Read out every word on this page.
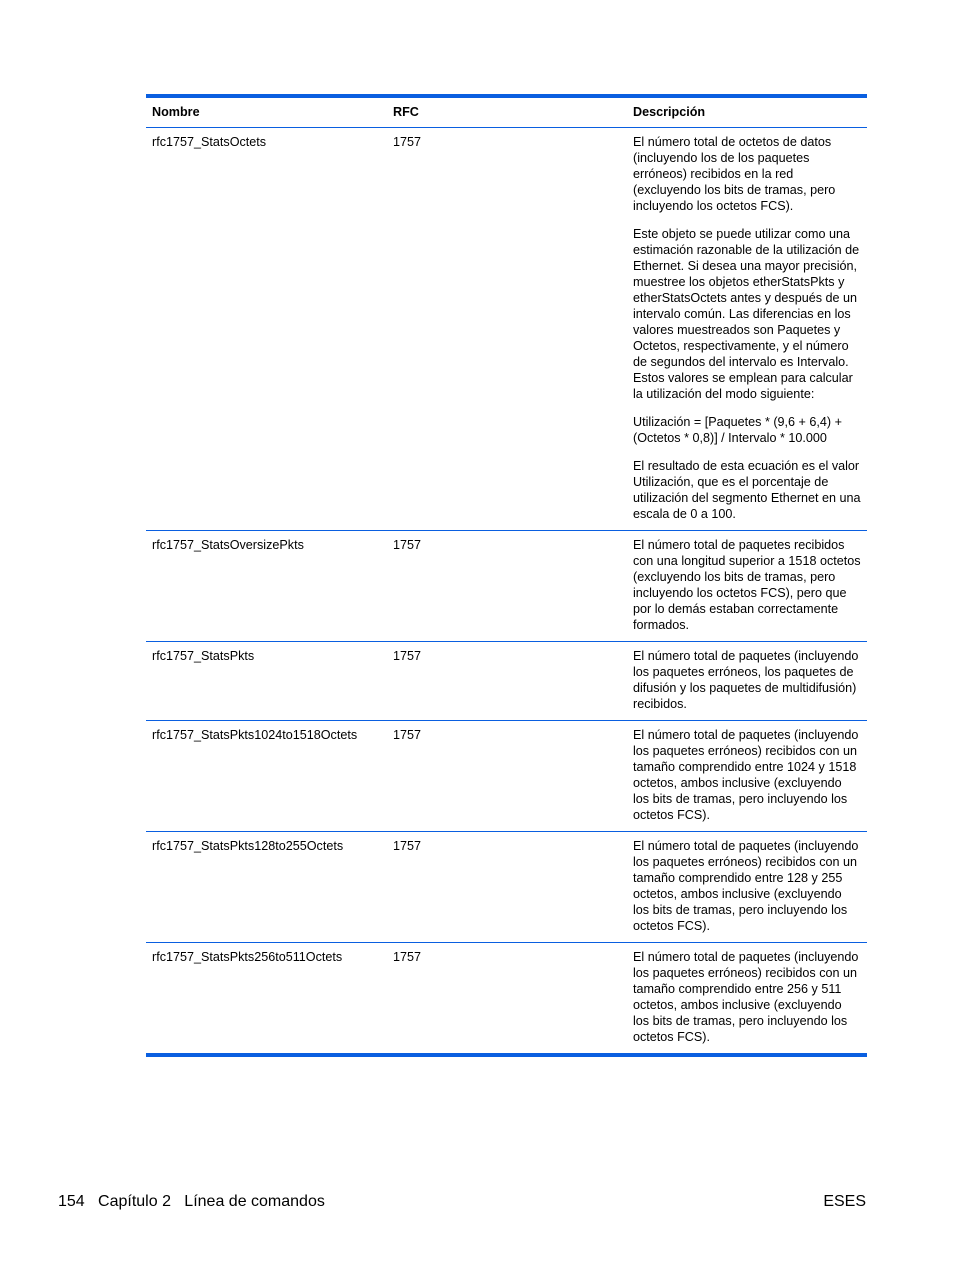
Nombre	RFC	Descripción
rfc1757_StatsOctets	1757	El número total de octetos de datos (incluyendo los de los paquetes erróneos) recibidos en la red (excluyendo los bits de tramas, pero incluyendo los octetos FCS).

Este objeto se puede utilizar como una estimación razonable de la utilización de Ethernet. Si desea una mayor precisión, muestree los objetos etherStatsPkts y etherStatsOctets antes y después de un intervalo común. Las diferencias en los valores muestreados son Paquetes y Octetos, respectivamente, y el número de segundos del intervalo es Intervalo. Estos valores se emplean para calcular la utilización del modo siguiente:

Utilización = [Paquetes * (9,6 + 6,4) + (Octetos * 0,8)] / Intervalo * 10.000

El resultado de esta ecuación es el valor Utilización, que es el porcentaje de utilización del segmento Ethernet en una escala de 0 a 100.

rfc1757_StatsOversizePkts	1757	El número total de paquetes recibidos con una longitud superior a 1518 octetos (excluyendo los bits de tramas, pero incluyendo los octetos FCS), pero que por lo demás estaban correctamente formados.

rfc1757_StatsPkts	1757	El número total de paquetes (incluyendo los paquetes erróneos, los paquetes de difusión y los paquetes de multidifusión) recibidos.

rfc1757_StatsPkts1024to1518Octets	1757	El número total de paquetes (incluyendo los paquetes erróneos) recibidos con un tamaño comprendido entre 1024 y 1518 octetos, ambos inclusive (excluyendo los bits de tramas, pero incluyendo los octetos FCS).

rfc1757_StatsPkts128to255Octets	1757	El número total de paquetes (incluyendo los paquetes erróneos) recibidos con un tamaño comprendido entre 128 y 255 octetos, ambos inclusive (excluyendo los bits de tramas, pero incluyendo los octetos FCS).

rfc1757_StatsPkts256to511Octets	1757	El número total de paquetes (incluyendo los paquetes erróneos) recibidos con un tamaño comprendido entre 256 y 511 octetos, ambos inclusive (excluyendo los bits de tramas, pero incluyendo los octetos FCS).

154   Capítulo 2   Línea de comandos	ESES
